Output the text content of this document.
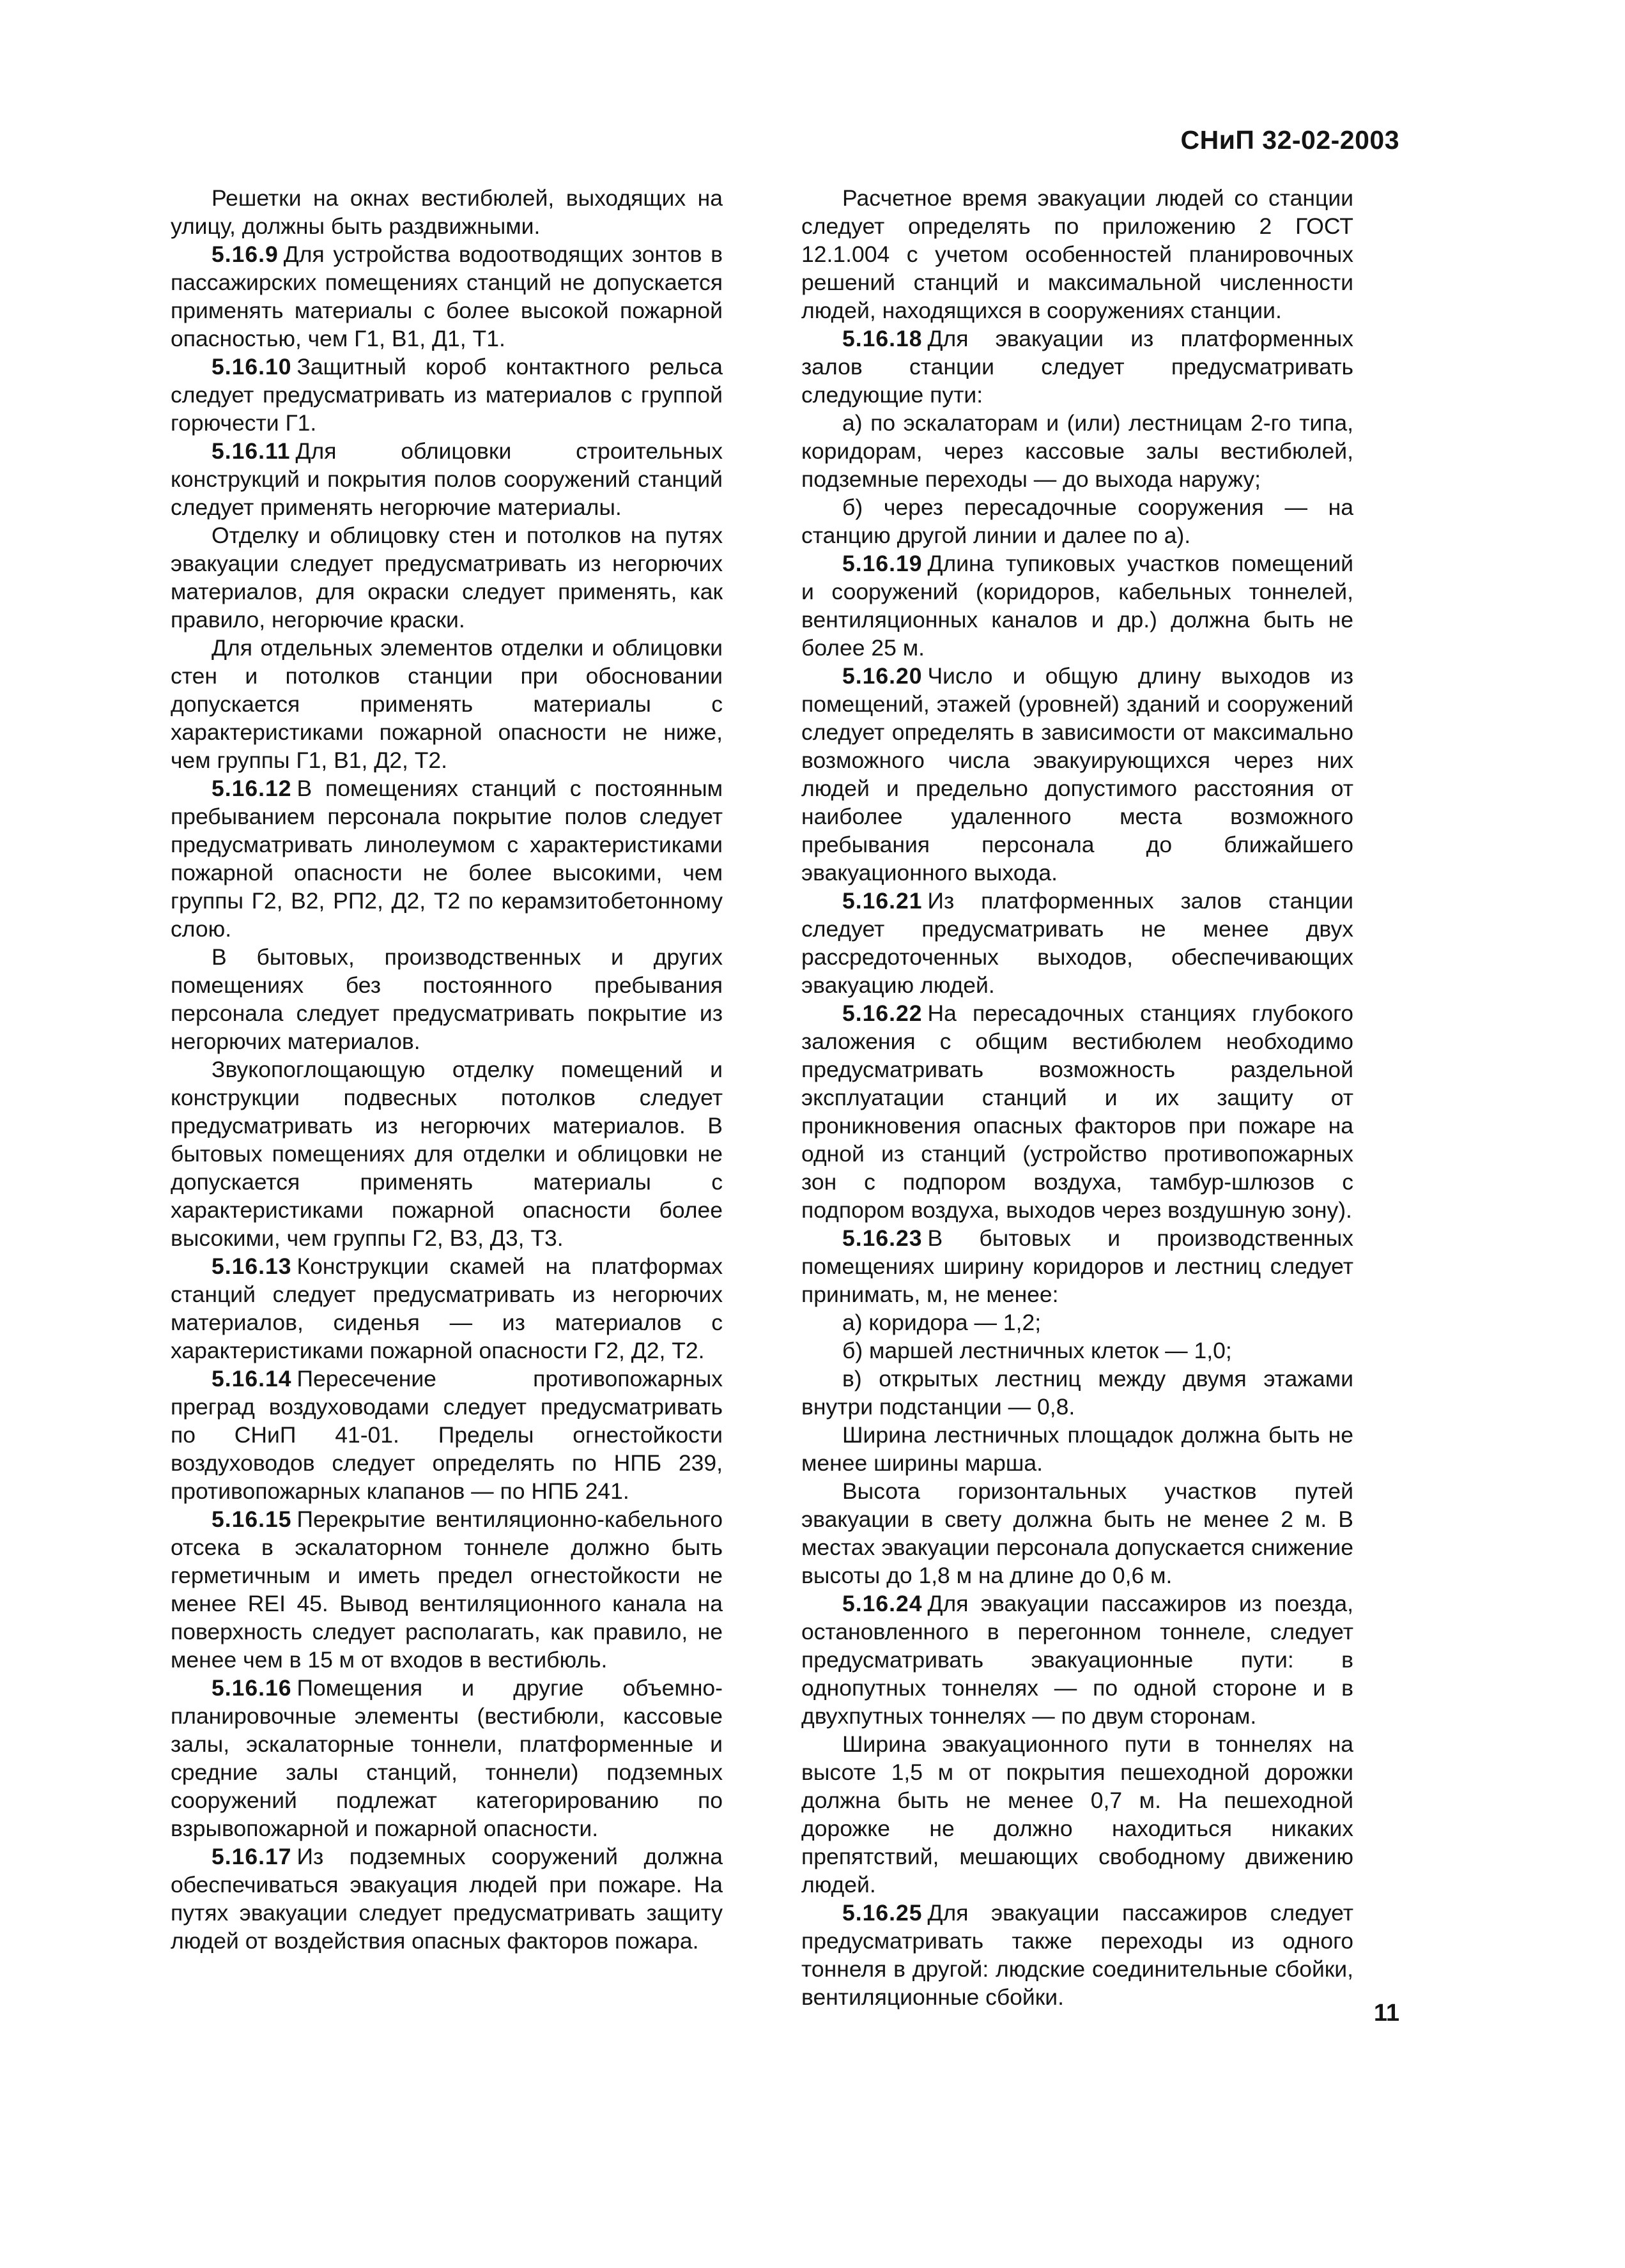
СНиП 32-02-2003

Решетки на окнах вестибюлей, выходящих на улицу, должны быть раздвижными.

5.16.9 Для устройства водоотводящих зонтов в пассажирских помещениях станций не допускается применять материалы с более высокой пожарной опасностью, чем Г1, В1, Д1, Т1.

5.16.10 Защитный короб контактного рельса следует предусматривать из материалов с группой горючести Г1.

5.16.11 Для облицовки строительных конструкций и покрытия полов сооружений станций следует применять негорючие материалы.

Отделку и облицовку стен и потолков на путях эвакуации следует предусматривать из негорючих материалов, для окраски следует применять, как правило, негорючие краски.

Для отдельных элементов отделки и облицовки стен и потолков станции при обосновании допускается применять материалы с характеристиками пожарной опасности не ниже, чем группы Г1, В1, Д2, Т2.

5.16.12 В помещениях станций с постоянным пребыванием персонала покрытие полов следует предусматривать линолеумом с характеристиками пожарной опасности не более высокими, чем группы Г2, В2, РП2, Д2, Т2 по керамзитобетонному слою.

В бытовых, производственных и других помещениях без постоянного пребывания персонала следует предусматривать покрытие из негорючих материалов.

Звукопоглощающую отделку помещений и конструкции подвесных потолков следует предусматривать из негорючих материалов. В бытовых помещениях для отделки и облицовки не допускается применять материалы с характеристиками пожарной опасности более высокими, чем группы Г2, В3, Д3, Т3.

5.16.13 Конструкции скамей на платформах станций следует предусматривать из негорючих материалов, сиденья — из материалов с характеристиками пожарной опасности Г2, Д2, Т2.

5.16.14 Пересечение противопожарных преград воздуховодами следует предусматривать по СНиП 41-01. Пределы огнестойкости воздуховодов следует определять по НПБ 239, противопожарных клапанов — по НПБ 241.

5.16.15 Перекрытие вентиляционно-кабельного отсека в эскалаторном тоннеле должно быть герметичным и иметь предел огнестойкости не менее REI 45. Вывод вентиляционного канала на поверхность следует располагать, как правило, не менее чем в 15 м от входов в вестибюль.

5.16.16 Помещения и другие объемно-планировочные элементы (вестибюли, кассовые залы, эскалаторные тоннели, платформенные и средние залы станций, тоннели) подземных сооружений подлежат категорированию по взрывопожарной и пожарной опасности.

5.16.17 Из подземных сооружений должна обеспечиваться эвакуация людей при пожаре. На путях эвакуации следует предусматривать защиту людей от воздействия опасных факторов пожара.

Расчетное время эвакуации людей со станции следует определять по приложению 2 ГОСТ 12.1.004 с учетом особенностей планировочных решений станций и максимальной численности людей, находящихся в сооружениях станции.

5.16.18 Для эвакуации из платформенных залов станции следует предусматривать следующие пути:

а) по эскалаторам и (или) лестницам 2-го типа, коридорам, через кассовые залы вестибюлей, подземные переходы — до выхода наружу;

б) через пересадочные сооружения — на станцию другой линии и далее по а).

5.16.19 Длина тупиковых участков помещений и сооружений (коридоров, кабельных тоннелей, вентиляционных каналов и др.) должна быть не более 25 м.

5.16.20 Число и общую длину выходов из помещений, этажей (уровней) зданий и сооружений следует определять в зависимости от максимально возможного числа эвакуирующихся через них людей и предельно допустимого расстояния от наиболее удаленного места возможного пребывания персонала до ближайшего эвакуационного выхода.

5.16.21 Из платформенных залов станции следует предусматривать не менее двух рассредоточенных выходов, обеспечивающих эвакуацию людей.

5.16.22 На пересадочных станциях глубокого заложения с общим вестибюлем необходимо предусматривать возможность раздельной эксплуатации станций и их защиту от проникновения опасных факторов при пожаре на одной из станций (устройство противопожарных зон с подпором воздуха, тамбур-шлюзов с подпором воздуха, выходов через воздушную зону).

5.16.23 В бытовых и производственных помещениях ширину коридоров и лестниц следует принимать, м, не менее:

а) коридора — 1,2;

б) маршей лестничных клеток — 1,0;

в) открытых лестниц между двумя этажами внутри подстанции — 0,8.

Ширина лестничных площадок должна быть не менее ширины марша.

Высота горизонтальных участков путей эвакуации в свету должна быть не менее 2 м. В местах эвакуации персонала допускается снижение высоты до 1,8 м на длине до 0,6 м.

5.16.24 Для эвакуации пассажиров из поезда, остановленного в перегонном тоннеле, следует предусматривать эвакуационные пути: в однопутных тоннелях — по одной стороне и в двухпутных тоннелях — по двум сторонам.

Ширина эвакуационного пути в тоннелях на высоте 1,5 м от покрытия пешеходной дорожки должна быть не менее 0,7 м. На пешеходной дорожке не должно находиться никаких препятствий, мешающих свободному движению людей.

5.16.25 Для эвакуации пассажиров следует предусматривать также переходы из одного тоннеля в другой: людские соединительные сбойки, вентиляционные сбойки.

11
